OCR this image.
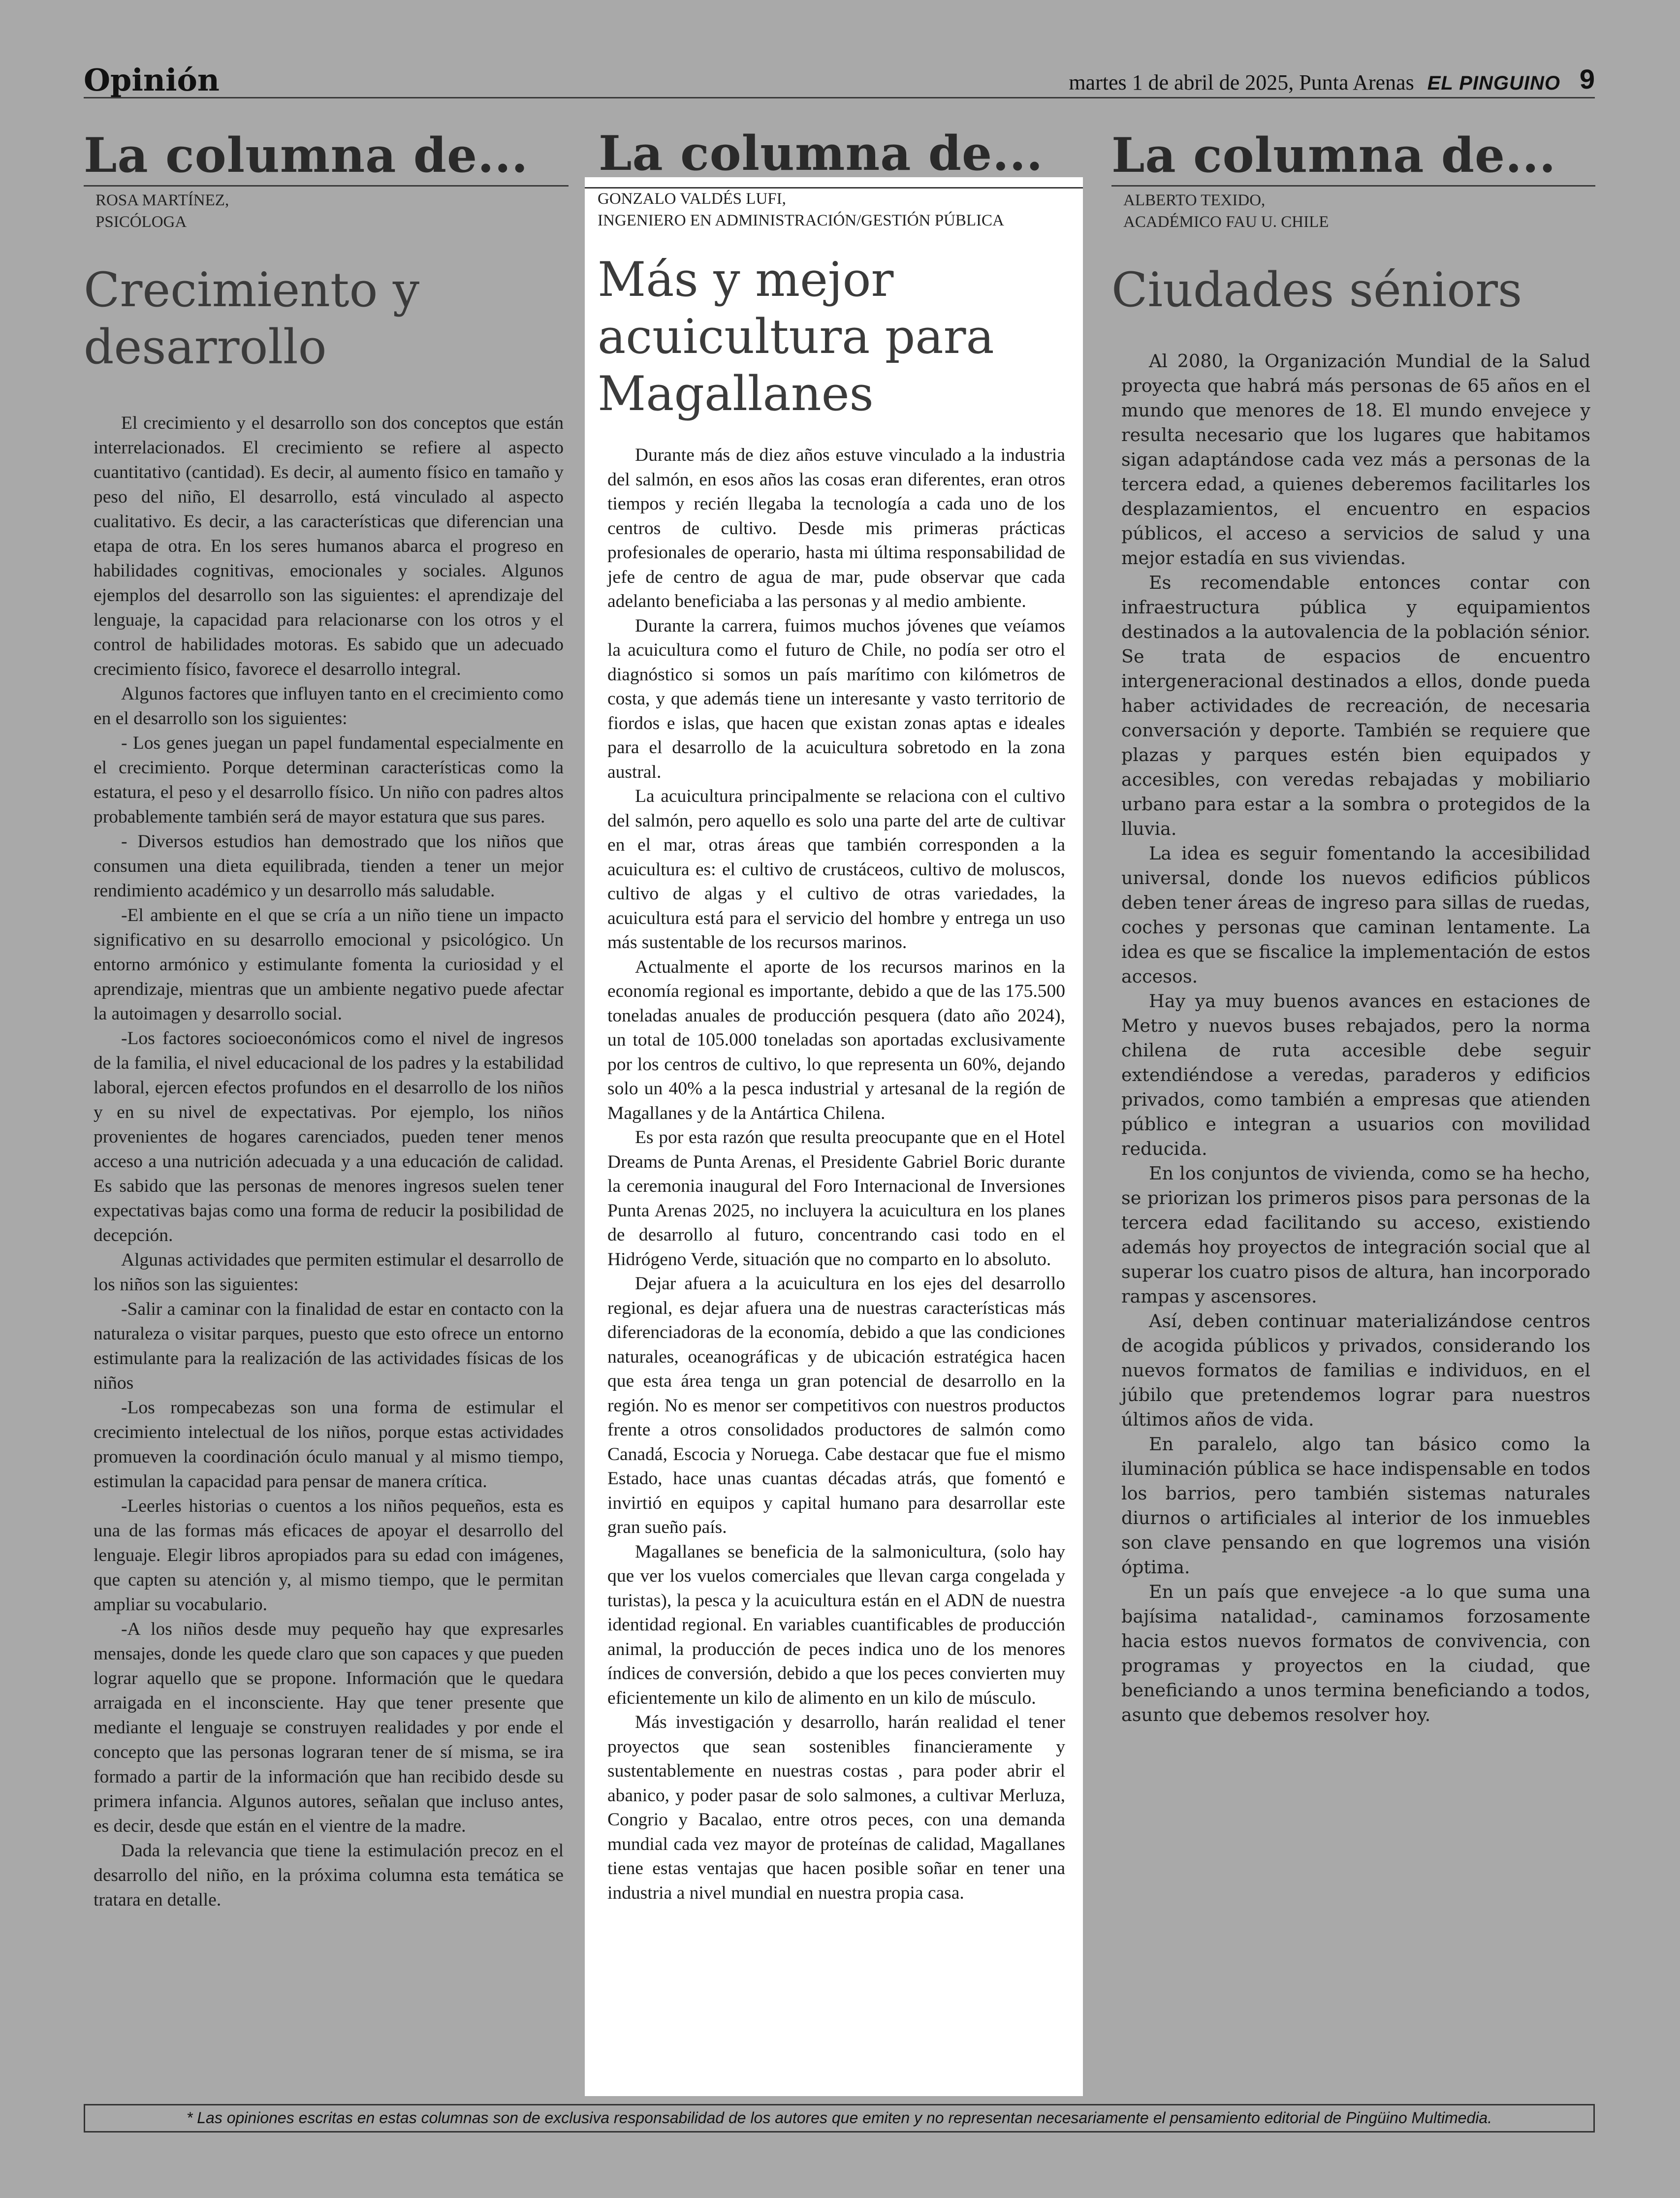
Opinión	martes 1 de abril de 2025, Punta Arenas EL PINGUINO 9
La columna de...
ROSA MARTÍNEZ,
PSICÓLOGA
Crecimiento y desarrollo

El crecimiento y el desarrollo son dos conceptos que están interrelacionados. El crecimiento se refiere al aspecto cuantitativo (cantidad). Es decir, al aumento físico en tamaño y peso del niño, El desarrollo, está vinculado al aspecto cualitativo. Es decir, a las características que diferencian una etapa de otra. En los seres humanos abarca el progreso en habilidades cognitivas, emocionales y sociales. Algunos ejemplos del desarrollo son las siguientes: el aprendizaje del lenguaje, la capacidad para relacionarse con los otros y el control de habilidades motoras. Es sabido que un adecuado crecimiento físico, favorece el desarrollo integral.

Algunos factores que influyen tanto en el crecimiento como en el desarrollo son los siguientes:

- Los genes juegan un papel fundamental especialmente en el crecimiento. Porque determinan características como la estatura, el peso y el desarrollo físico. Un niño con padres altos probablemente también será de mayor estatura que sus pares.

- Diversos estudios han demostrado que los niños que consumen una dieta equilibrada, tienden a tener un mejor rendimiento académico y un desarrollo más saludable.

-El ambiente en el que se cría a un niño tiene un impacto significativo en su desarrollo emocional y psicológico. Un entorno armónico y estimulante fomenta la curiosidad y el aprendizaje, mientras que un ambiente negativo puede afectar la autoimagen y desarrollo social.

-Los factores socioeconómicos como el nivel de ingresos de la familia, el nivel educacional de los padres y la estabilidad laboral, ejercen efectos profundos en el desarrollo de los niños y en su nivel de expectativas. Por ejemplo, los niños provenientes de hogares carenciados, pueden tener menos acceso a una nutrición adecuada y a una educación de calidad. Es sabido que las personas de menores ingresos suelen tener expectativas bajas como una forma de reducir la posibilidad de decepción.

Algunas actividades que permiten estimular el desarrollo de los niños son las siguientes:

-Salir a caminar con la finalidad de estar en contacto con la naturaleza o visitar parques, puesto que esto ofrece un entorno estimulante para la realización de las actividades físicas de los niños

-Los rompecabezas son una forma de estimular el crecimiento intelectual de los niños, porque estas actividades promueven la coordinación óculo manual y al mismo tiempo, estimulan la capacidad para pensar de manera crítica.

-Leerles historias o cuentos a los niños pequeños, esta es una de las formas más eficaces de apoyar el desarrollo del lenguaje. Elegir libros apropiados para su edad con imágenes, que capten su atención y, al mismo tiempo, que le permitan ampliar su vocabulario.

-A los niños desde muy pequeño hay que expresarles mensajes, donde les quede claro que son capaces y que pueden lograr aquello que se propone. Información que le quedara arraigada en el inconsciente. Hay que tener presente que mediante el lenguaje se construyen realidades y por ende el concepto que las personas lograran tener de sí misma, se ira formado a partir de la información que han recibido desde su primera infancia. Algunos autores, señalan que incluso antes, es decir, desde que están en el vientre de la madre.

Dada la relevancia que tiene la estimulación precoz en el desarrollo del niño, en la próxima columna esta temática se tratara en detalle.

La columna de...
GONZALO VALDÉS LUFI,
INGENIERO EN ADMINISTRACIÓN/GESTIÓN PÚBLICA
Más y mejor acuicultura para Magallanes

Durante más de diez años estuve vinculado a la industria del salmón, en esos años las cosas eran diferentes, eran otros tiempos y recién llegaba la tecnología a cada uno de los centros de cultivo. Desde mis primeras prácticas profesionales de operario, hasta mi última responsabilidad de jefe de centro de agua de mar, pude observar que cada adelanto beneficiaba a las personas y al medio ambiente.

Durante la carrera, fuimos muchos jóvenes que veíamos la acuicultura como el futuro de Chile, no podía ser otro el diagnóstico si somos un país marítimo con kilómetros de costa, y que además tiene un interesante y vasto territorio de fiordos e islas, que hacen que existan zonas aptas e ideales para el desarrollo de la acuicultura sobretodo en la zona austral.

La acuicultura principalmente se relaciona con el cultivo del salmón, pero aquello es solo una parte del arte de cultivar en el mar, otras áreas que también corresponden a la acuicultura es: el cultivo de crustáceos, cultivo de moluscos, cultivo de algas y el cultivo de otras variedades, la acuicultura está para el servicio del hombre y entrega un uso más sustentable de los recursos marinos.

Actualmente el aporte de los recursos marinos en la economía regional es importante, debido a que de las 175.500 toneladas anuales de producción pesquera (dato año 2024), un total de 105.000 toneladas son aportadas exclusivamente por los centros de cultivo, lo que representa un 60%, dejando solo un 40% a la pesca industrial y artesanal de la región de Magallanes y de la Antártica Chilena.

Es por esta razón que resulta preocupante que en el Hotel Dreams de Punta Arenas, el Presidente Gabriel Boric durante la ceremonia inaugural del Foro Internacional de Inversiones Punta Arenas 2025, no incluyera la acuicultura en los planes de desarrollo al futuro, concentrando casi todo en el Hidrógeno Verde, situación que no comparto en lo absoluto.

Dejar afuera a la acuicultura en los ejes del desarrollo regional, es dejar afuera una de nuestras características más diferenciadoras de la economía, debido a que las condiciones naturales, oceanográficas y de ubicación estratégica hacen que esta área tenga un gran potencial de desarrollo en la región. No es menor ser competitivos con nuestros productos frente a otros consolidados productores de salmón como Canadá, Escocia y Noruega. Cabe destacar que fue el mismo Estado, hace unas cuantas décadas atrás, que fomentó e invirtió en equipos y capital humano para desarrollar este gran sueño país.

Magallanes se beneficia de la salmonicultura, (solo hay que ver los vuelos comerciales que llevan carga congelada y turistas), la pesca y la acuicultura están en el ADN de nuestra identidad regional. En variables cuantificables de producción animal, la producción de peces indica uno de los menores índices de conversión, debido a que los peces convierten muy eficientemente un kilo de alimento en un kilo de músculo.

Más investigación y desarrollo, harán realidad el tener proyectos que sean sostenibles financieramente y sustentablemente en nuestras costas , para poder abrir el abanico, y poder pasar de solo salmones, a cultivar Merluza, Congrio y Bacalao, entre otros peces, con una demanda mundial cada vez mayor de proteínas de calidad, Magallanes tiene estas ventajas que hacen posible soñar en tener una industria a nivel mundial en nuestra propia casa.

La columna de...
ALBERTO TEXIDO,
ACADÉMICO FAU U. CHILE
Ciudades séniors

Al 2080, la Organización Mundial de la Salud proyecta que habrá más personas de 65 años en el mundo que menores de 18. El mundo envejece y resulta necesario que los lugares que habitamos sigan adaptándose cada vez más a personas de la tercera edad, a quienes deberemos facilitarles los desplazamientos, el encuentro en espacios públicos, el acceso a servicios de salud y una mejor estadía en sus viviendas.

Es recomendable entonces contar con infraestructura pública y equipamientos destinados a la autovalencia de la población sénior. Se trata de espacios de encuentro intergeneracional destinados a ellos, donde pueda haber actividades de recreación, de necesaria conversación y deporte. También se requiere que plazas y parques estén bien equipados y accesibles, con veredas rebajadas y mobiliario urbano para estar a la sombra o protegidos de la lluvia.

La idea es seguir fomentando la accesibilidad universal, donde los nuevos edificios públicos deben tener áreas de ingreso para sillas de ruedas, coches y personas que caminan lentamente. La idea es que se fiscalice la implementación de estos accesos.

Hay ya muy buenos avances en estaciones de Metro y nuevos buses rebajados, pero la norma chilena de ruta accesible debe seguir extendiéndose a veredas, paraderos y edificios privados, como también a empresas que atienden público e integran a usuarios con movilidad reducida.

En los conjuntos de vivienda, como se ha hecho, se priorizan los primeros pisos para personas de la tercera edad facilitando su acceso, existiendo además hoy proyectos de integración social que al superar los cuatro pisos de altura, han incorporado rampas y ascensores.

Así, deben continuar materializándose centros de acogida públicos y privados, considerando los nuevos formatos de familias e individuos, en el júbilo que pretendemos lograr para nuestros últimos años de vida.

En paralelo, algo tan básico como la iluminación pública se hace indispensable en todos los barrios, pero también sistemas naturales diurnos o artificiales al interior de los inmuebles son clave pensando en que logremos una visión óptima.

En un país que envejece -a lo que suma una bajísima natalidad-, caminamos forzosamente hacia estos nuevos formatos de convivencia, con programas y proyectos en la ciudad, que beneficiando a unos termina beneficiando a todos, asunto que debemos resolver hoy.

* Las opiniones escritas en estas columnas son de exclusiva responsabilidad de los autores que emiten y no representan necesariamente el pensamiento editorial de Pingüino Multimedia.
